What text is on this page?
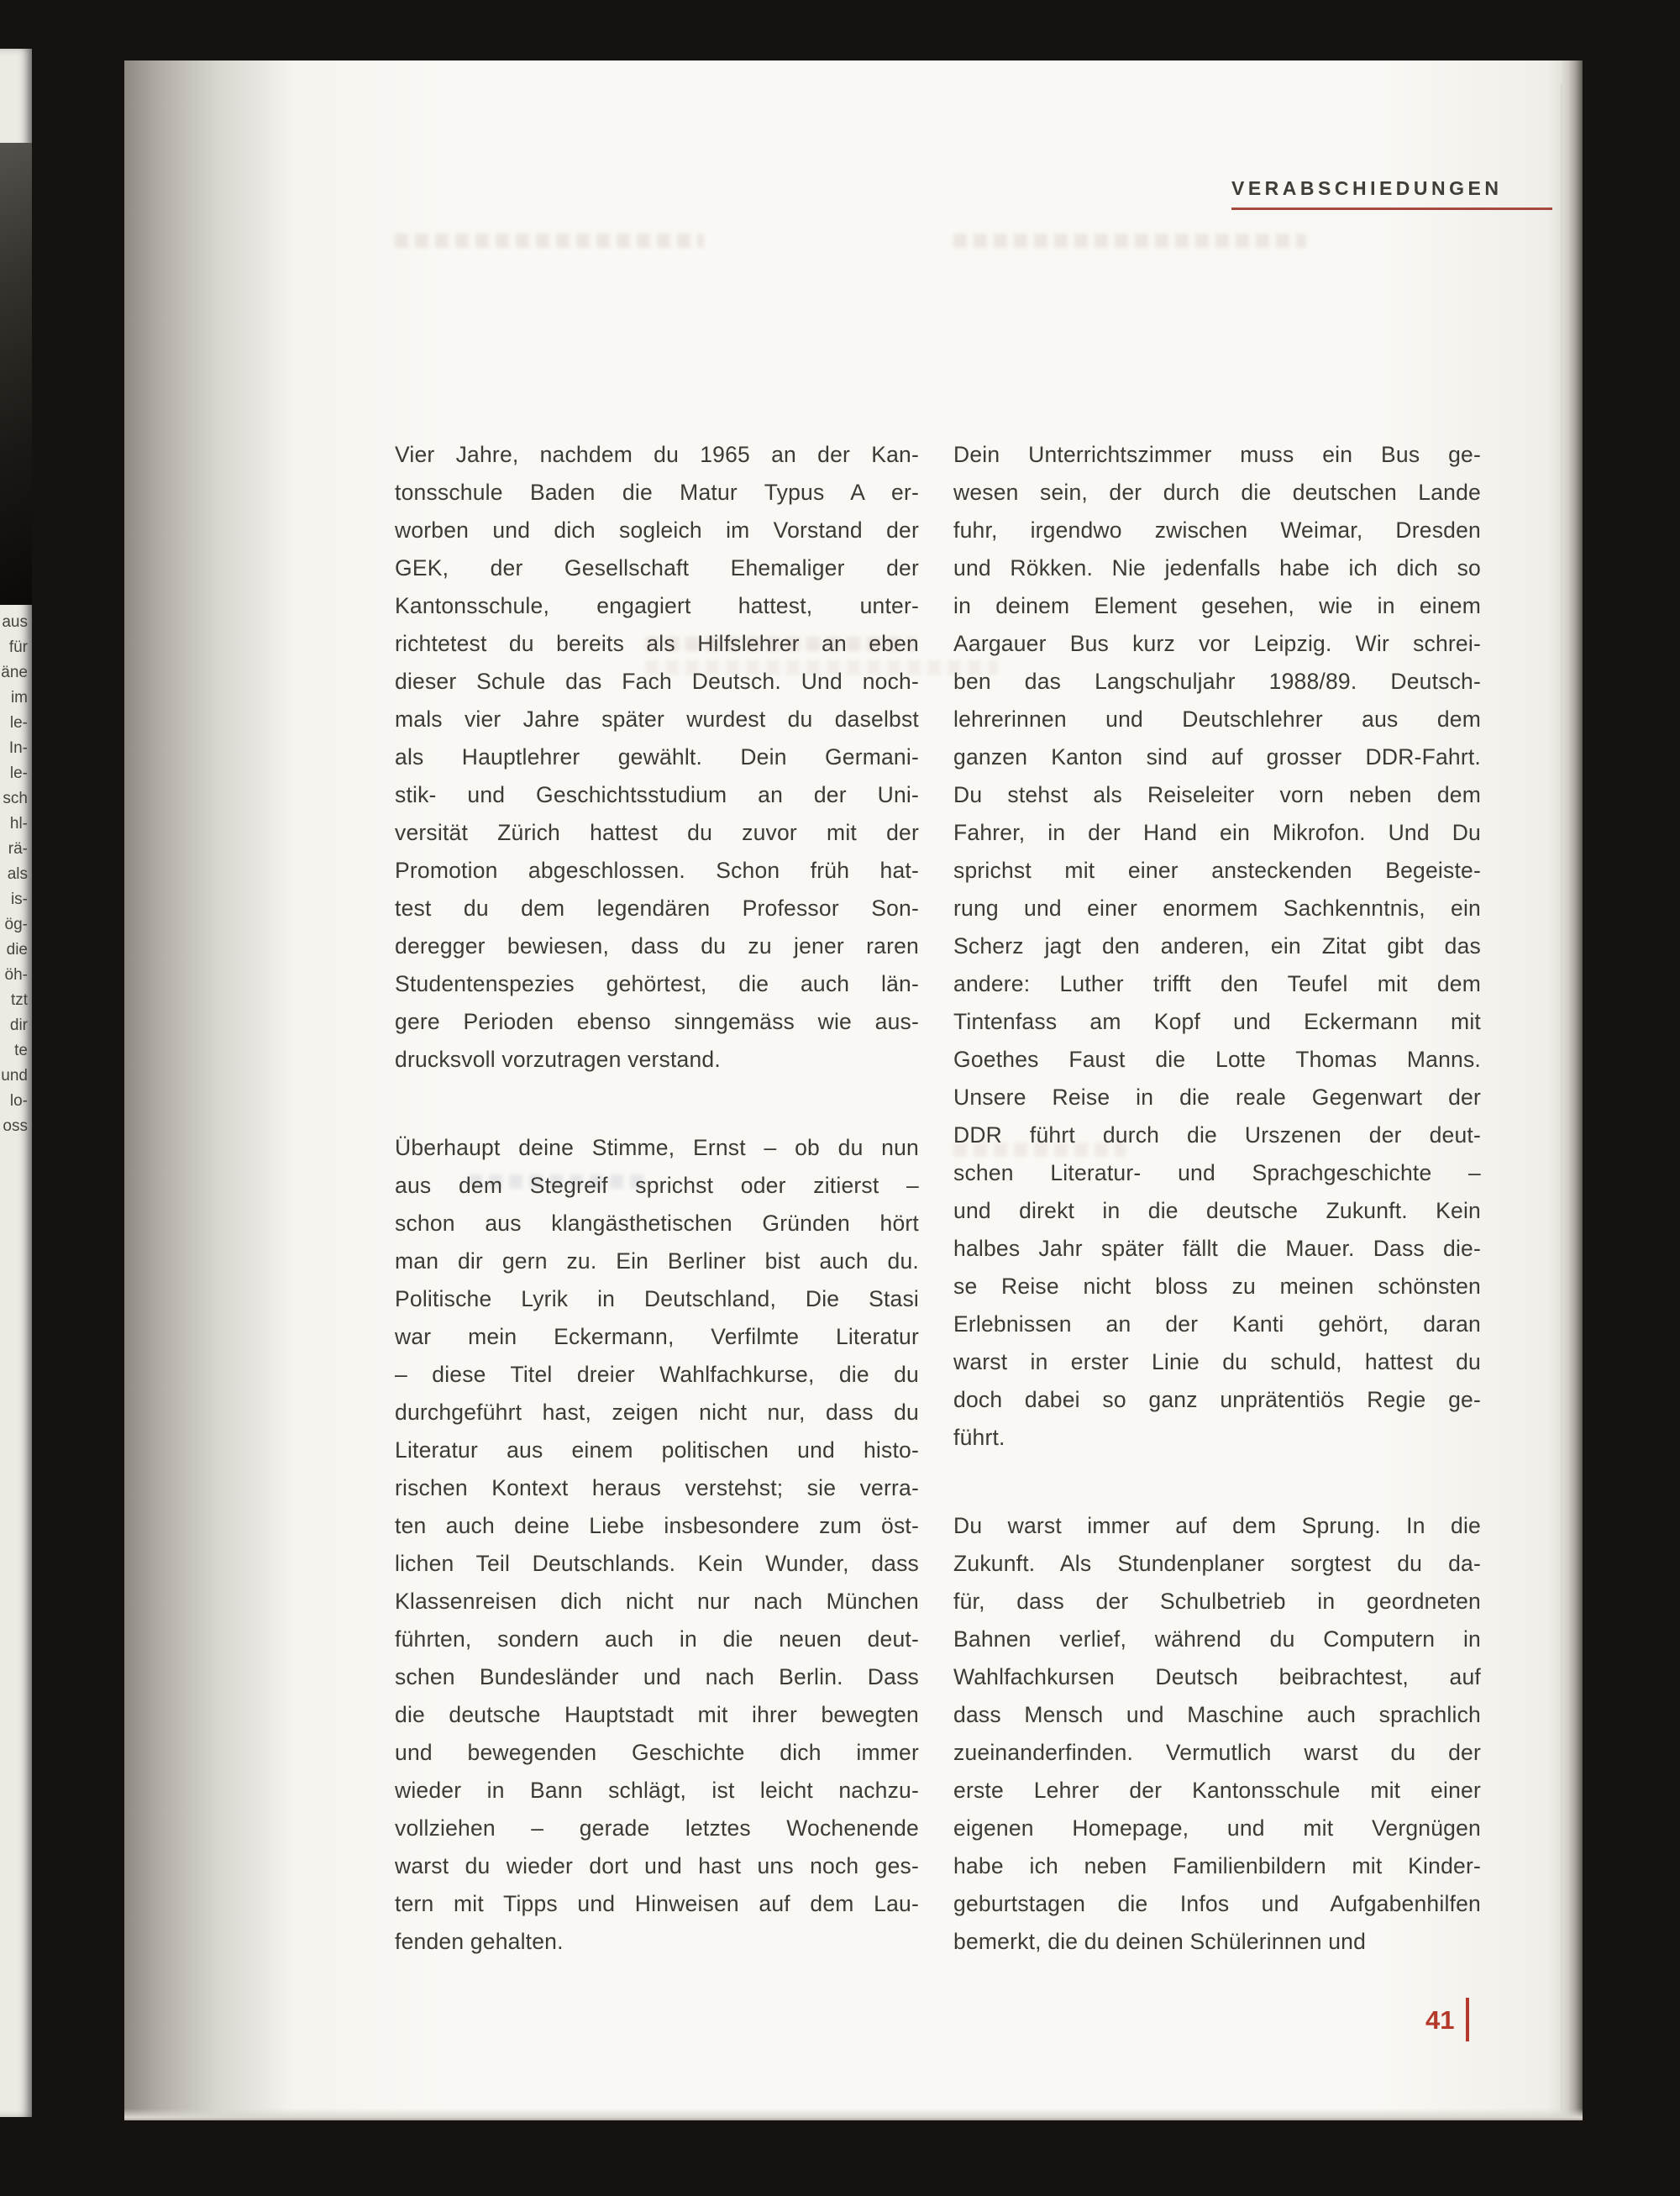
aus
für
äne
im
le-
In-
le-
sch
hl-
rä-
als
is-
ög-
die
öh-
tzt
dir
te
und
lo-
oss
VERABSCHIEDUNGEN
Vier Jahre, nachdem du 1965 an der Kan-
tonsschule Baden die Matur Typus A er-
worben und dich sogleich im Vorstand der
GEK, der Gesellschaft Ehemaliger der
Kantonsschule, engagiert hattest, unter-
richtetest du bereits als Hilfslehrer an eben
dieser Schule das Fach Deutsch. Und noch-
mals vier Jahre später wurdest du daselbst
als Hauptlehrer gewählt. Dein Germani-
stik- und Geschichtsstudium an der Uni-
versität Zürich hattest du zuvor mit der
Promotion abgeschlossen. Schon früh hat-
test du dem legendären Professor Son-
deregger bewiesen, dass du zu jener raren
Studentenspezies gehörtest, die auch län-
gere Perioden ebenso sinngemäss wie aus-
drucksvoll vorzutragen verstand.
Überhaupt deine Stimme, Ernst – ob du nun
aus dem Stegreif sprichst oder zitierst –
schon aus klangästhetischen Gründen hört
man dir gern zu. Ein Berliner bist auch du.
Politische Lyrik in Deutschland, Die Stasi
war mein Eckermann, Verfilmte Literatur
– diese Titel dreier Wahlfachkurse, die du
durchgeführt hast, zeigen nicht nur, dass du
Literatur aus einem politischen und histo-
rischen Kontext heraus verstehst; sie verra-
ten auch deine Liebe insbesondere zum öst-
lichen Teil Deutschlands. Kein Wunder, dass
Klassenreisen dich nicht nur nach München
führten, sondern auch in die neuen deut-
schen Bundesländer und nach Berlin. Dass
die deutsche Hauptstadt mit ihrer bewegten
und bewegenden Geschichte dich immer
wieder in Bann schlägt, ist leicht nachzu-
vollziehen – gerade letztes Wochenende
warst du wieder dort und hast uns noch ges-
tern mit Tipps und Hinweisen auf dem Lau-
fenden gehalten.
Dein Unterrichtszimmer muss ein Bus ge-
wesen sein, der durch die deutschen Lande
fuhr, irgendwo zwischen Weimar, Dresden
und Rökken. Nie jedenfalls habe ich dich so
in deinem Element gesehen, wie in einem
Aargauer Bus kurz vor Leipzig. Wir schrei-
ben das Langschuljahr 1988/89. Deutsch-
lehrerinnen und Deutschlehrer aus dem
ganzen Kanton sind auf grosser DDR-Fahrt.
Du stehst als Reiseleiter vorn neben dem
Fahrer, in der Hand ein Mikrofon. Und Du
sprichst mit einer ansteckenden Begeiste-
rung und einer enormem Sachkenntnis, ein
Scherz jagt den anderen, ein Zitat gibt das
andere: Luther trifft den Teufel mit dem
Tintenfass am Kopf und Eckermann mit
Goethes Faust die Lotte Thomas Manns.
Unsere Reise in die reale Gegenwart der
DDR führt durch die Urszenen der deut-
schen Literatur- und Sprachgeschichte –
und direkt in die deutsche Zukunft. Kein
halbes Jahr später fällt die Mauer. Dass die-
se Reise nicht bloss zu meinen schönsten
Erlebnissen an der Kanti gehört, daran
warst in erster Linie du schuld, hattest du
doch dabei so ganz unprätentiös Regie ge-
führt.
Du warst immer auf dem Sprung. In die
Zukunft. Als Stundenplaner sorgtest du da-
für, dass der Schulbetrieb in geordneten
Bahnen verlief, während du Computern in
Wahlfachkursen Deutsch beibrachtest, auf
dass Mensch und Maschine auch sprachlich
zueinanderfinden. Vermutlich warst du der
erste Lehrer der Kantonsschule mit einer
eigenen Homepage, und mit Vergnügen
habe ich neben Familienbildern mit Kinder-
geburtstagen die Infos und Aufgabenhilfen
bemerkt, die du deinen Schülerinnen und
41
